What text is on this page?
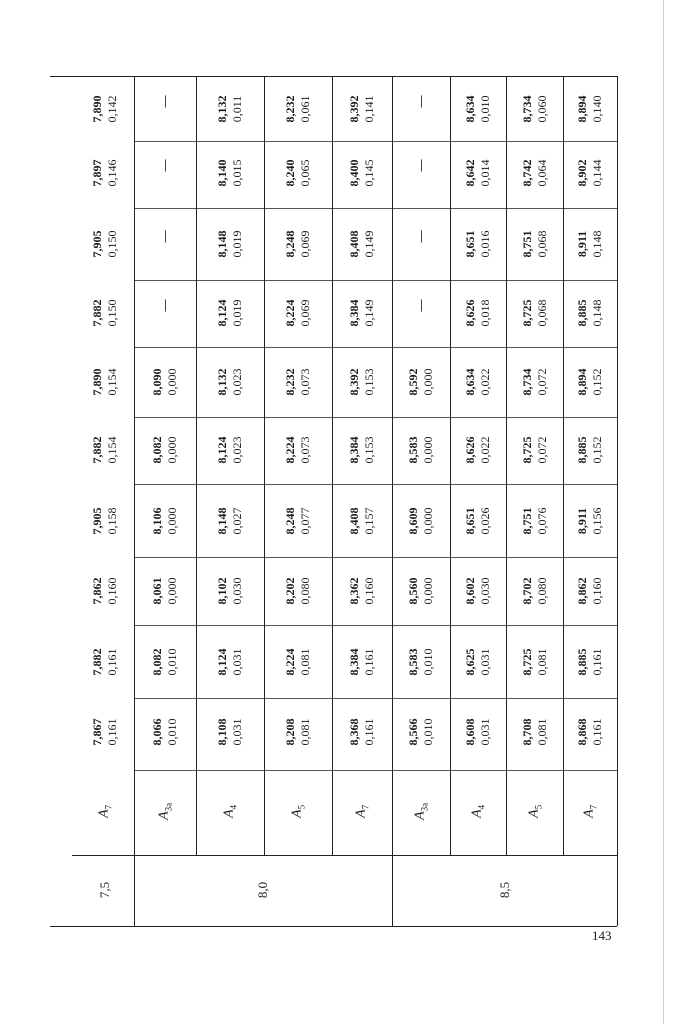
143
7,867 0,161
7,882 0,161
7,862 0,160
7,905 0,158
7,882 0,154
7,890 0,154
7,882 0,150
7,905 0,150
7,897 0,146
7,890 0,142
$A_7$
8,066 0,010
8,082 0,010
8,061 0,000
8,106 0,000
8,082 0,000
8,090 0,000
—
—
—
—
$A_{3a}$
8,108 0,031
8,124 0,031
8,102 0,030
8,148 0,027
8,124 0,023
8,132 0,023
8,124 0,019
8,148 0,019
8,140 0,015
8,132 0,011
$A_4$
8,208 0,081
8,224 0,081
8,202 0,080
8,248 0,077
8,224 0,073
8,232 0,073
8,224 0,069
8,248 0,069
8,240 0,065
8,232 0,061
$A_5$
8,368 0,161
8,384 0,161
8,362 0,160
8,408 0,157
8,384 0,153
8,392 0,153
8,384 0,149
8,408 0,149
8,400 0,145
8,392 0,141
$A_7$
8,566 0,010
8,583 0,010
8,560 0,000
8,609 0,000
8,583 0,000
8,592 0,000
—
—
—
—
$A_{3a}$
8,608 0,031
8,625 0,031
8,602 0,030
8,651 0,026
8,626 0,022
8,634 0,022
8,626 0,018
8,651 0,016
8,642 0,014
8,634 0,010
$A_4$
8,708 0,081
8,725 0,081
8,702 0,080
8,751 0,076
8,725 0,072
8,734 0,072
8,725 0,068
8,751 0,068
8,742 0,064
8,734 0,060
$A_5$
8,868 0,161
8,885 0,161
8,862 0,160
8,911 0,156
8,885 0,152
8,894 0,152
8,885 0,148
8,911 0,148
8,902 0,144
8,894 0,140
$A_7$
7,5	8,0	8,5
